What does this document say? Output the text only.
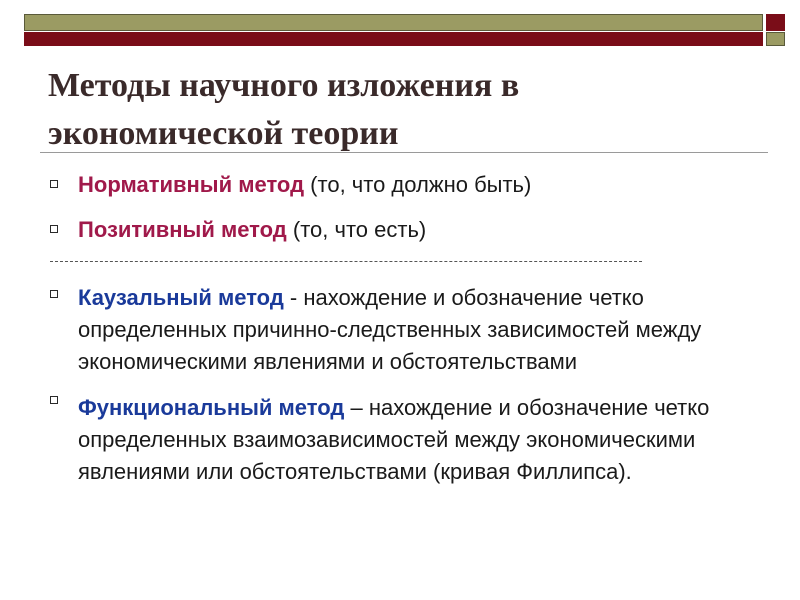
Методы научного изложения в экономической теории

Нормативный метод (то, что должно быть)

Позитивный метод (то, что есть)

Каузальный метод - нахождение и обозначение четко определенных причинно-следственных зависимостей между экономическими явлениями и обстоятельствами

Функциональный метод – нахождение и обозначение четко определенных взаимозависимостей между экономическими явлениями или обстоятельствами (кривая Филлипса).
